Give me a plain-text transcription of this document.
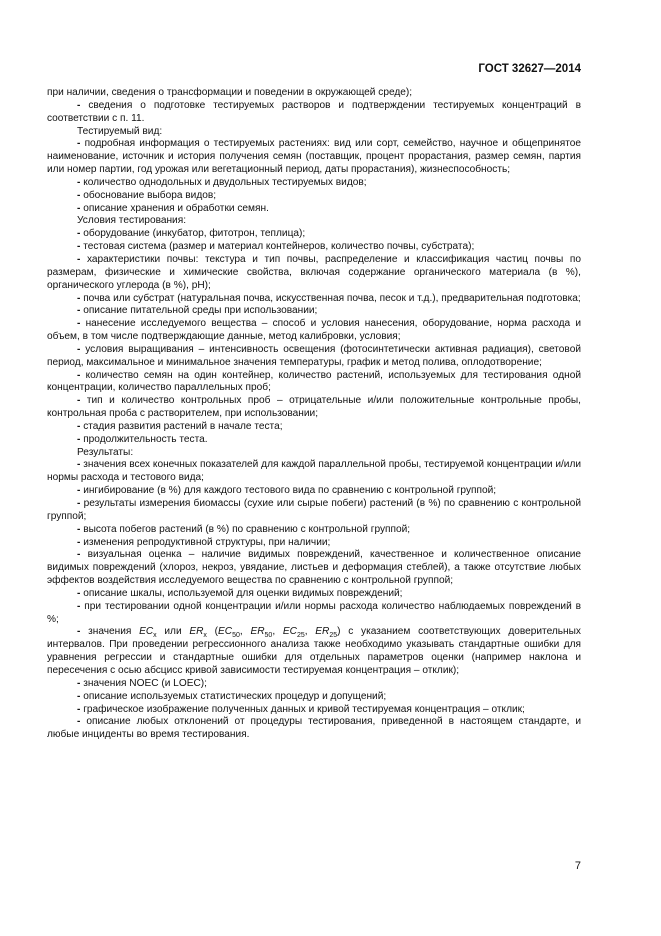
ГОСТ 32627—2014

при наличии, сведения о трансформации и поведении в окружающей среде);

- сведения о подготовке тестируемых растворов и подтверждении тестируемых концентраций в соответствии с п. 11.

Тестируемый вид:

- подробная информация о тестируемых растениях: вид или сорт, семейство, научное и общепринятое наименование, источник и история получения семян (поставщик, процент прорастания, размер семян, партия или номер партии, год урожая или вегетационный период, даты прорастания), жизнеспособность;

- количество однодольных и двудольных тестируемых видов;

- обоснование выбора видов;

- описание хранения и обработки семян.

Условия тестирования:

- оборудование (инкубатор, фитотрон, теплица);

- тестовая система (размер и материал контейнеров, количество почвы, субстрата);

- характеристики почвы: текстура и тип почвы, распределение и классификация частиц почвы по размерам, физические и химические свойства, включая содержание органического материала (в %), органического углерода (в %), pH);

- почва или субстрат (натуральная почва, искусственная почва, песок и т.д.), предварительная подготовка;

- описание питательной среды при использовании;

- нанесение исследуемого вещества – способ и условия нанесения, оборудование, норма расхода и объем, в том числе подтверждающие данные, метод калибровки, условия;

- условия выращивания – интенсивность освещения (фотосинтетически активная радиация), световой период, максимальное и минимальное значения температуры, график и метод полива, оплодотворение;

- количество семян на один контейнер, количество растений, используемых для тестирования одной концентрации, количество параллельных проб;

- тип и количество контрольных проб – отрицательные и/или положительные контрольные пробы, контрольная проба с растворителем, при использовании;

- стадия развития растений в начале теста;

- продолжительность теста.

Результаты:

- значения всех конечных показателей для каждой параллельной пробы, тестируемой концентрации и/или нормы расхода и тестового вида;

- ингибирование (в %) для каждого тестового вида по сравнению с контрольной группой;

- результаты измерения биомассы (сухие или сырые побеги) растений (в %) по сравнению с контрольной группой;

- высота побегов растений (в %) по сравнению с контрольной группой;

- изменения репродуктивной структуры, при наличии;

- визуальная оценка – наличие видимых повреждений, качественное и количественное описание видимых повреждений (хлороз, некроз, увядание, листьев и деформация стеблей), а также отсутствие любых эффектов воздействия исследуемого вещества по сравнению с контрольной группой;

- описание шкалы, используемой для оценки видимых повреждений;

- при тестировании одной концентрации и/или нормы расхода количество наблюдаемых повреждений в %;

- значения $EC_x$ или $ER_x$ ($EC_{50}$, $ER_{50}$, $EC_{25}$, $ER_{25}$) с указанием соответствующих доверительных интервалов. При проведении регрессионного анализа также необходимо указывать стандартные ошибки для уравнения регрессии и стандартные ошибки для отдельных параметров оценки (например наклона и пересечения с осью абсцисс кривой зависимости тестируемая концентрация – отклик);

- значения NOEC (и LOEC);

- описание используемых статистических процедур и допущений;

- графическое изображение полученных данных и кривой тестируемая концентрация – отклик;

- описание любых отклонений от процедуры тестирования, приведенной в настоящем стандарте, и любые инциденты во время тестирования.

7
